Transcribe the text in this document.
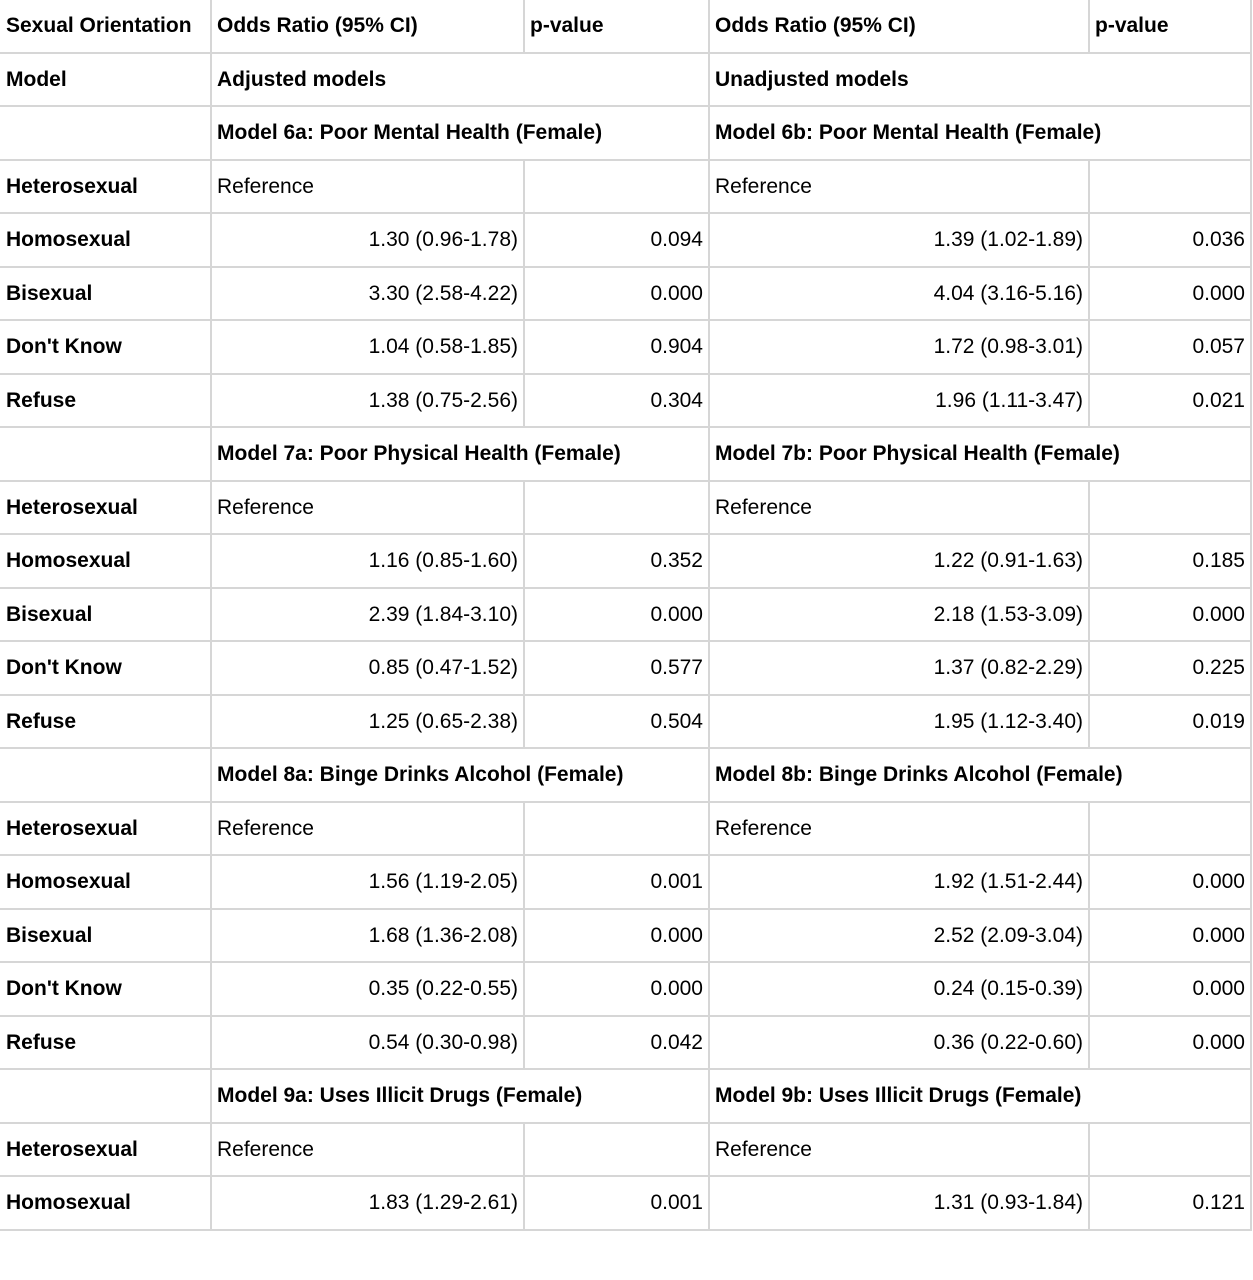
Sexual Orientation	Odds Ratio (95% CI)	p-value	Odds Ratio (95% CI)	p-value
Model	Adjusted models		Unadjusted models	
	Model 6a: Poor Mental Health (Female)		Model 6b: Poor Mental Health (Female)	
Heterosexual	Reference		Reference	
Homosexual	1.30 (0.96-1.78)	0.094	1.39 (1.02-1.89)	0.036
Bisexual	3.30 (2.58-4.22)	0.000	4.04 (3.16-5.16)	0.000
Don't Know	1.04 (0.58-1.85)	0.904	1.72 (0.98-3.01)	0.057
Refuse	1.38 (0.75-2.56)	0.304	1.96 (1.11-3.47)	0.021
	Model 7a: Poor Physical Health (Female)		Model 7b: Poor Physical Health (Female)	
Heterosexual	Reference		Reference	
Homosexual	1.16 (0.85-1.60)	0.352	1.22 (0.91-1.63)	0.185
Bisexual	2.39 (1.84-3.10)	0.000	2.18 (1.53-3.09)	0.000
Don't Know	0.85 (0.47-1.52)	0.577	1.37 (0.82-2.29)	0.225
Refuse	1.25 (0.65-2.38)	0.504	1.95 (1.12-3.40)	0.019
	Model 8a: Binge Drinks Alcohol (Female)		Model 8b: Binge Drinks Alcohol (Female)	
Heterosexual	Reference		Reference	
Homosexual	1.56 (1.19-2.05)	0.001	1.92 (1.51-2.44)	0.000
Bisexual	1.68 (1.36-2.08)	0.000	2.52 (2.09-3.04)	0.000
Don't Know	0.35 (0.22-0.55)	0.000	0.24 (0.15-0.39)	0.000
Refuse	0.54 (0.30-0.98)	0.042	0.36 (0.22-0.60)	0.000
	Model 9a: Uses Illicit Drugs (Female)		Model 9b: Uses Illicit Drugs (Female)	
Heterosexual	Reference		Reference	
Homosexual	1.83 (1.29-2.61)	0.001	1.31 (0.93-1.84)	0.121
